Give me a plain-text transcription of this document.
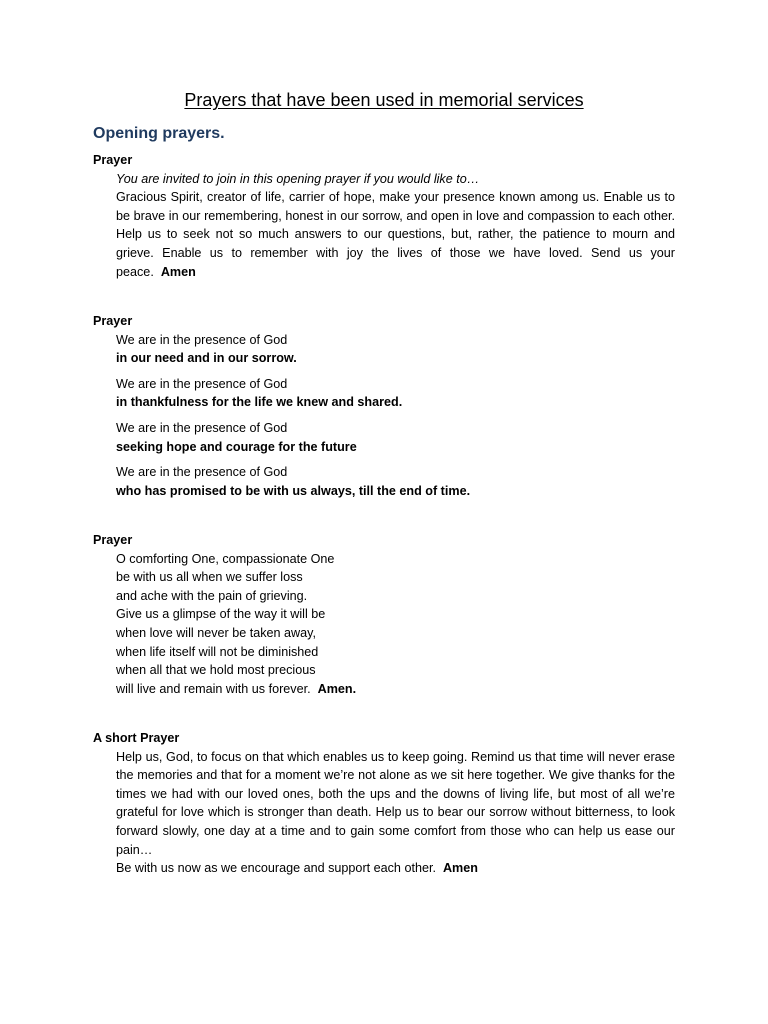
Prayers that have been used in memorial services
Opening prayers.

Prayer

You are invited to join in this opening prayer if you would like to…

Gracious Spirit, creator of life, carrier of hope, make your presence known among us. Enable us to be brave in our remembering, honest in our sorrow, and open in love and compassion to each other. Help us to seek not so much answers to our questions, but, rather, the patience to mourn and grieve. Enable us to remember with joy the lives of those we have loved. Send us your peace. Amen

Prayer

We are in the presence of God

in our need and in our sorrow.

We are in the presence of God

in thankfulness for the life we knew and shared.

We are in the presence of God

seeking hope and courage for the future

We are in the presence of God

who has promised to be with us always, till the end of time.

Prayer

O comforting One, compassionate One

be with us all when we suffer loss

and ache with the pain of grieving.

Give us a glimpse of the way it will be

when love will never be taken away,

when life itself will not be diminished

when all that we hold most precious

will live and remain with us forever. Amen.

A short Prayer

Help us, God, to focus on that which enables us to keep going. Remind us that time will never erase the memories and that for a moment we’re not alone as we sit here together. We give thanks for the times we had with our loved ones, both the ups and the downs of living life, but most of all we’re grateful for love which is stronger than death. Help us to bear our sorrow without bitterness, to look forward slowly, one day at a time and to gain some comfort from those who can help us ease our pain…

Be with us now as we encourage and support each other. Amen
